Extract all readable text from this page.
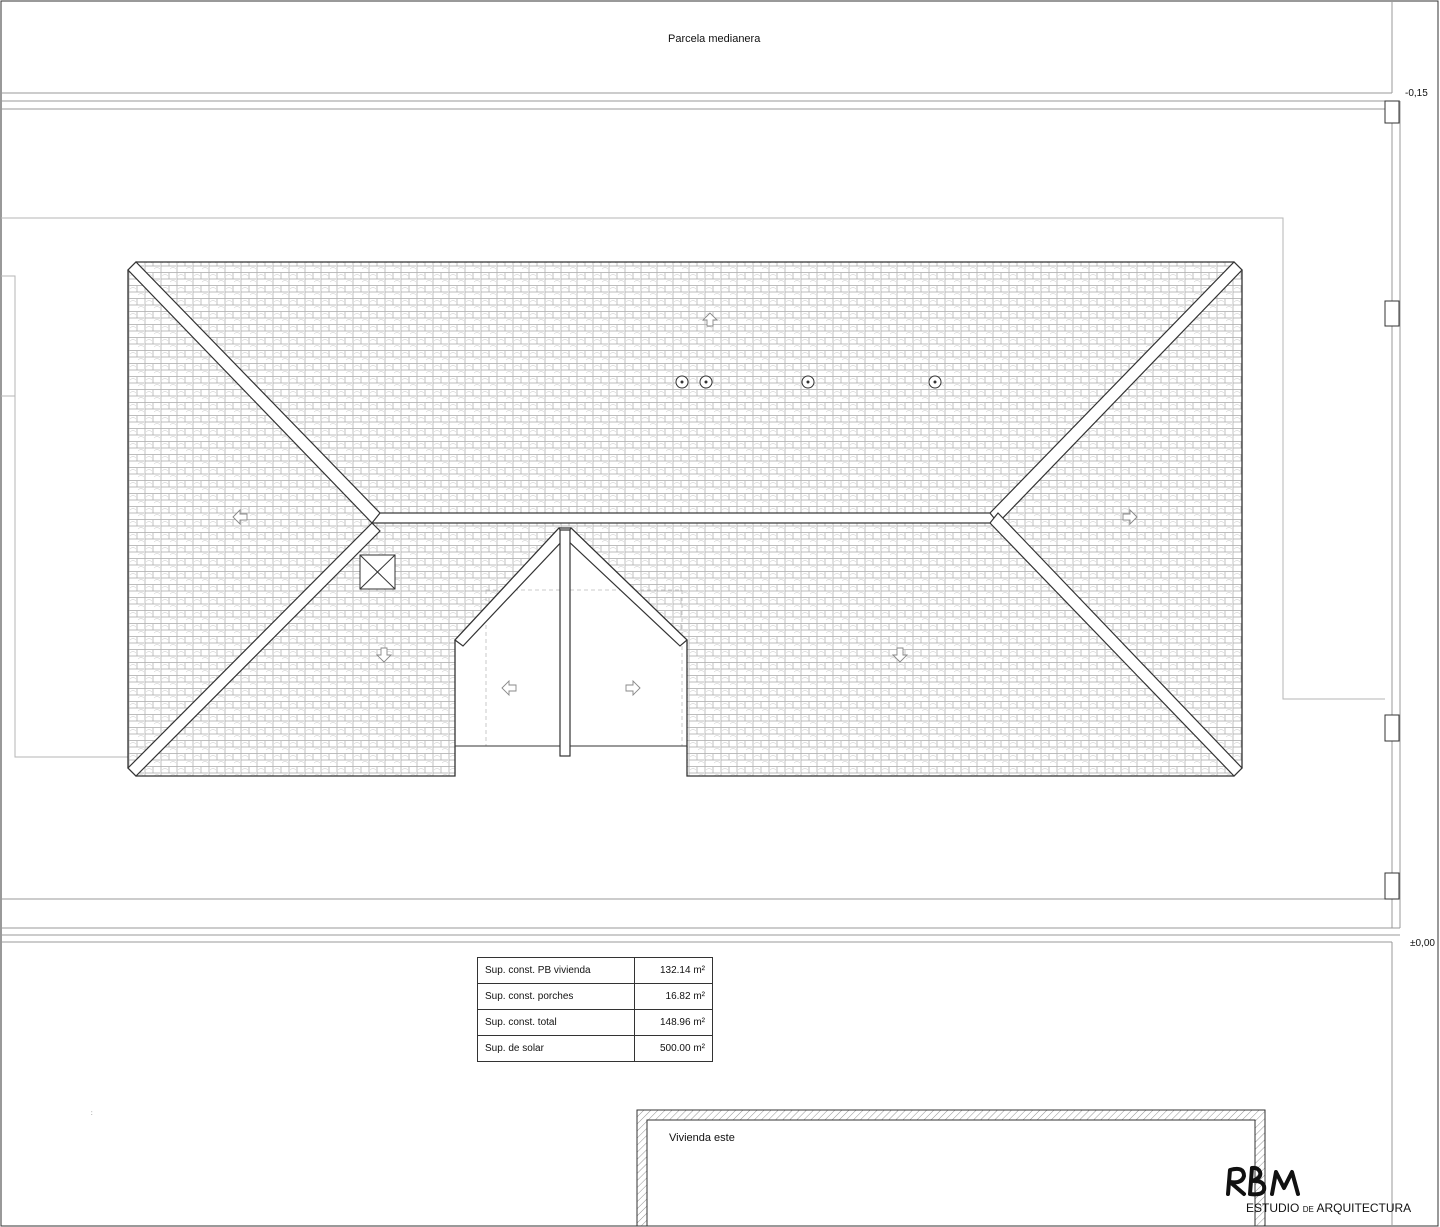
:
Parcela medianera
-0,15
±0,00
Vivienda este
Sup. const. PB vivienda	132.14 m²
Sup. const. porches	16.82 m²
Sup. const. total	148.96 m²
Sup. de solar	500.00 m²
ESTUDIO DE ARQUITECTURA
